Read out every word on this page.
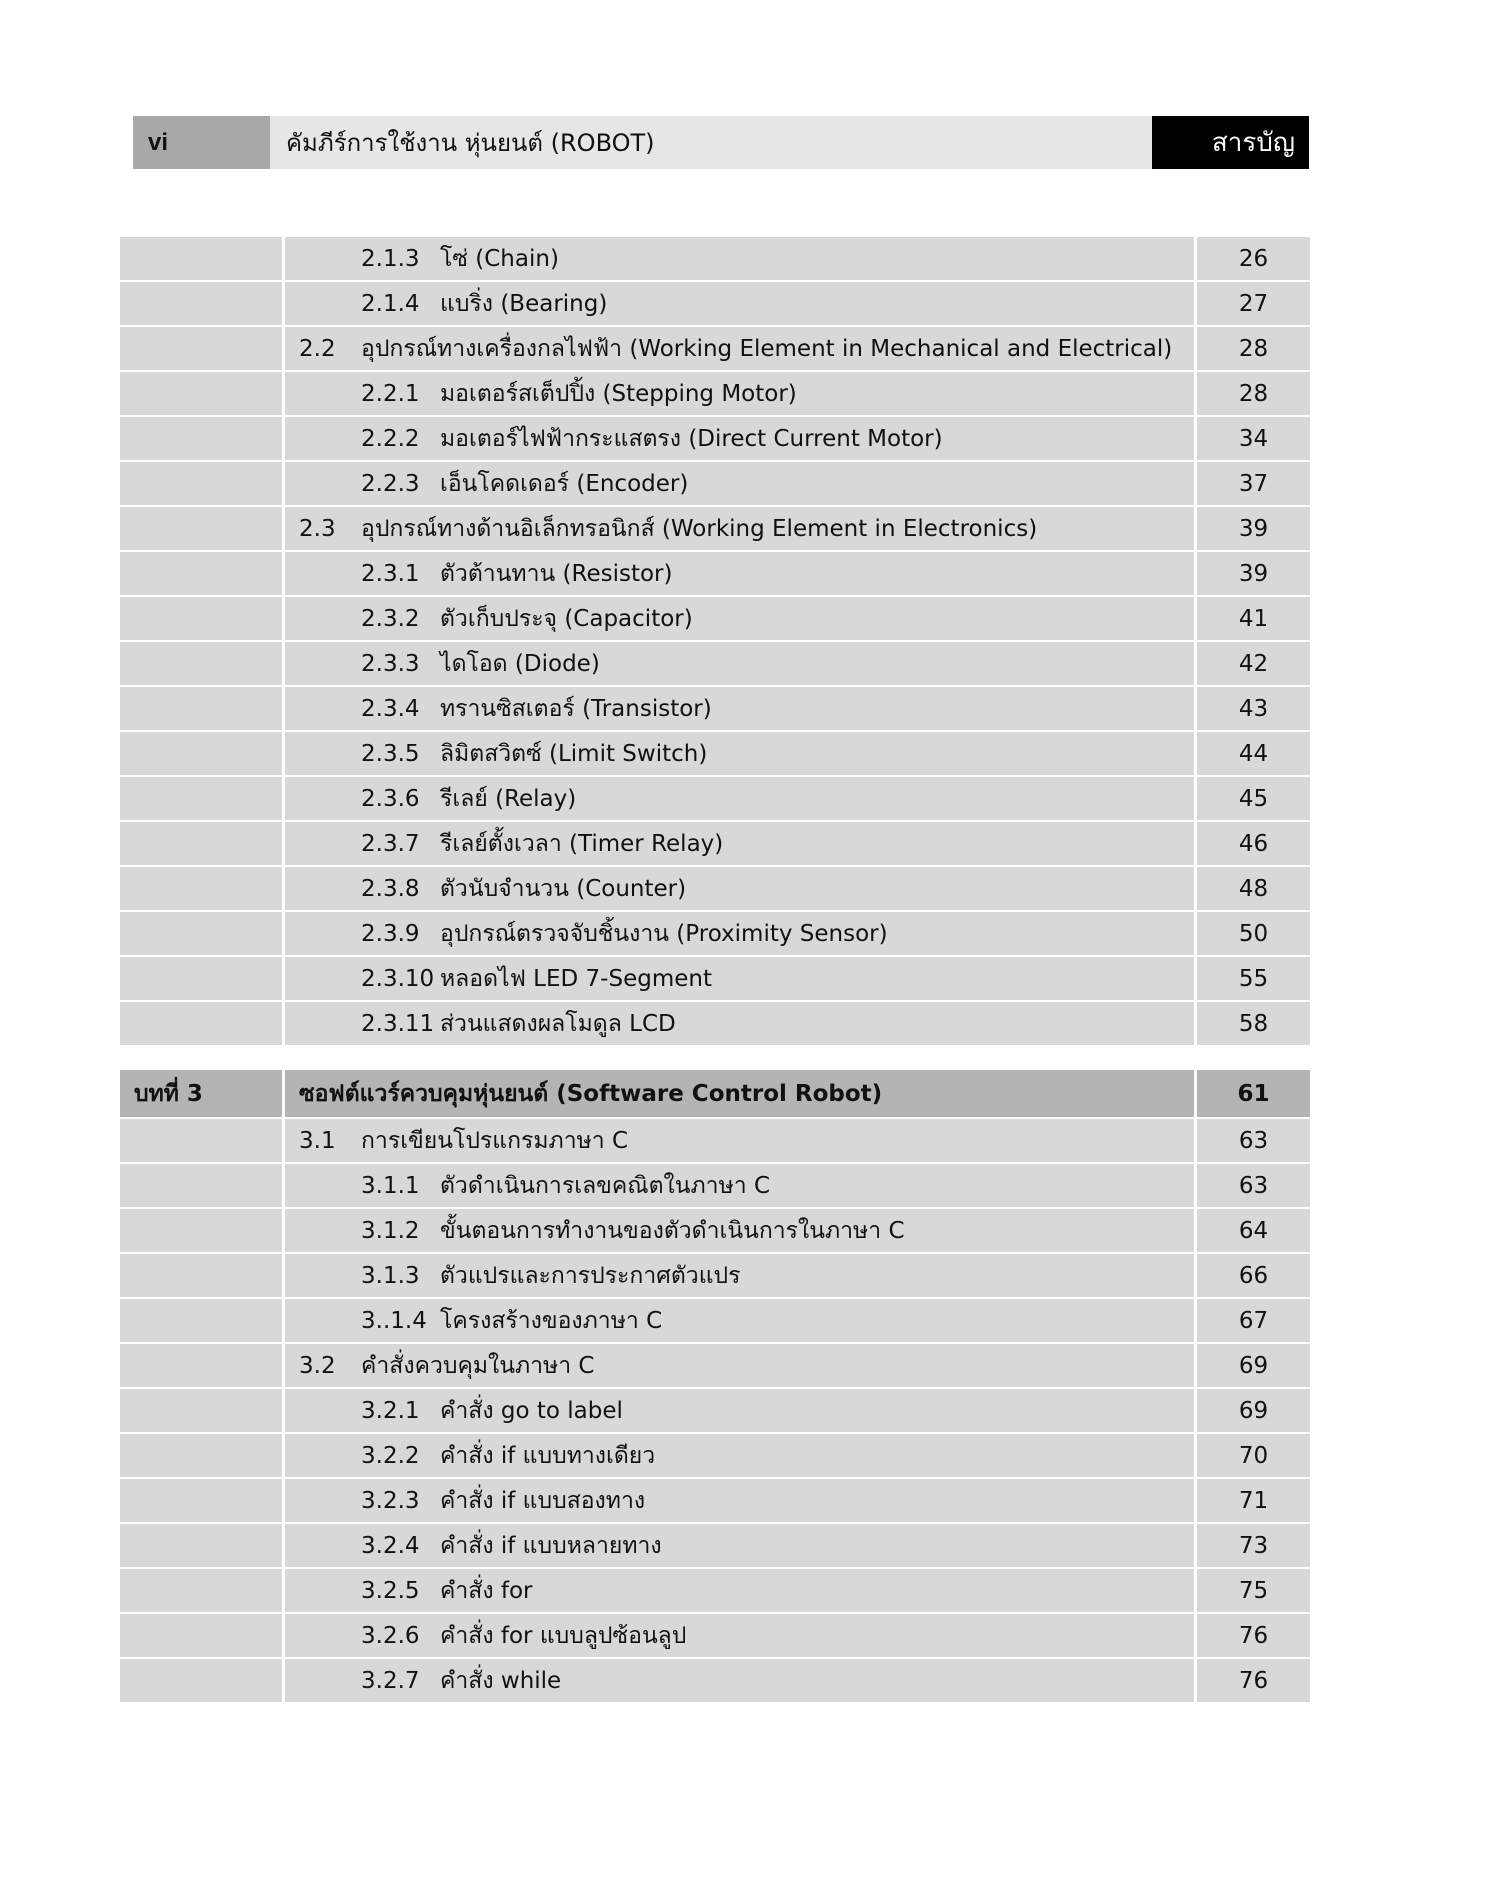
vi	คัมภีร์การใช้งาน หุ่นยนต์ (ROBOT)	สารบัญ
2.1.3 โซ่ (Chain)	26
2.1.4 แบริ่ง (Bearing)	27
2.2	อุปกรณ์ทางเครื่องกลไฟฟ้า (Working Element in Mechanical and Electrical)	28
2.2.1 มอเตอร์สเต็ปปิ้ง (Stepping Motor)	28
2.2.2 มอเตอร์ไฟฟ้ากระแสตรง (Direct Current Motor)	34
2.2.3 เอ็นโคดเดอร์ (Encoder)	37
2.3	อุปกรณ์ทางด้านอิเล็กทรอนิกส์ (Working Element in Electronics)	39
2.3.1 ตัวต้านทาน (Resistor)	39
2.3.2 ตัวเก็บประจุ (Capacitor)	41
2.3.3 ไดโอด (Diode)	42
2.3.4 ทรานซิสเตอร์ (Transistor)	43
2.3.5 ลิมิตสวิตซ์ (Limit Switch)	44
2.3.6 รีเลย์ (Relay)	45
2.3.7 รีเลย์ตั้งเวลา (Timer Relay)	46
2.3.8 ตัวนับจำนวน (Counter)	48
2.3.9 อุปกรณ์ตรวจจับชิ้นงาน (Proximity Sensor)	50
2.3.10 หลอดไฟ LED 7-Segment	55
2.3.11 ส่วนแสดงผลโมดูล LCD	58
บทที่ 3	ซอฟต์แวร์ควบคุมหุ่นยนต์ (Software Control Robot)	61
3.1	การเขียนโปรแกรมภาษา C	63
3.1.1 ตัวดำเนินการเลขคณิตในภาษา C	63
3.1.2 ขั้นตอนการทำงานของตัวดำเนินการในภาษา C	64
3.1.3 ตัวแปรและการประกาศตัวแปร	66
3..1.4 โครงสร้างของภาษา C	67
3.2	คำสั่งควบคุมในภาษา C	69
3.2.1 คำสั่ง go to label	69
3.2.2 คำสั่ง if แบบทางเดียว	70
3.2.3 คำสั่ง if แบบสองทาง	71
3.2.4 คำสั่ง if แบบหลายทาง	73
3.2.5 คำสั่ง for	75
3.2.6 คำสั่ง for แบบลูปซ้อนลูป	76
3.2.7 คำสั่ง while	76
